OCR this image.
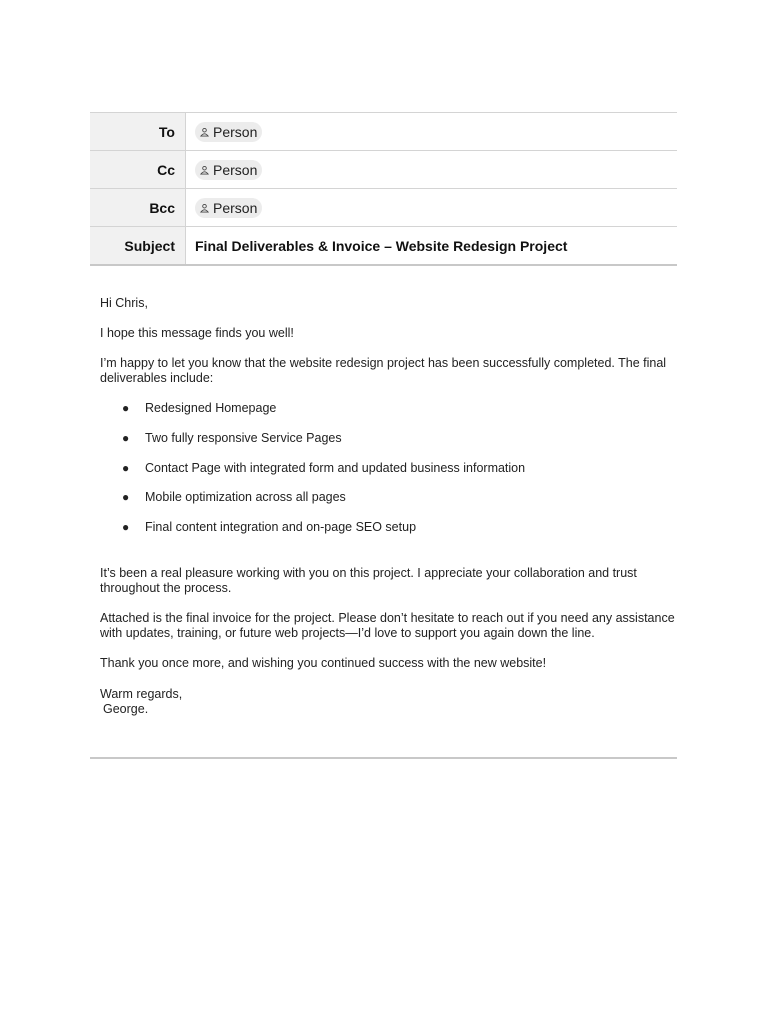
To	Person

Cc	Person

Bcc	Person

Subject	Final Deliverables & Invoice – Website Redesign Project

Hi Chris,

I hope this message finds you well!

I’m happy to let you know that the website redesign project has been successfully completed. The final deliverables include:

● Redesigned Homepage
● Two fully responsive Service Pages
● Contact Page with integrated form and updated business information
● Mobile optimization across all pages
● Final content integration and on-page SEO setup

It’s been a real pleasure working with you on this project. I appreciate your collaboration and trust throughout the process.

Attached is the final invoice for the project. Please don’t hesitate to reach out if you need any assistance with updates, training, or future web projects—I’d love to support you again down the line.

Thank you once more, and wishing you continued success with the new website!

Warm regards,

George.
